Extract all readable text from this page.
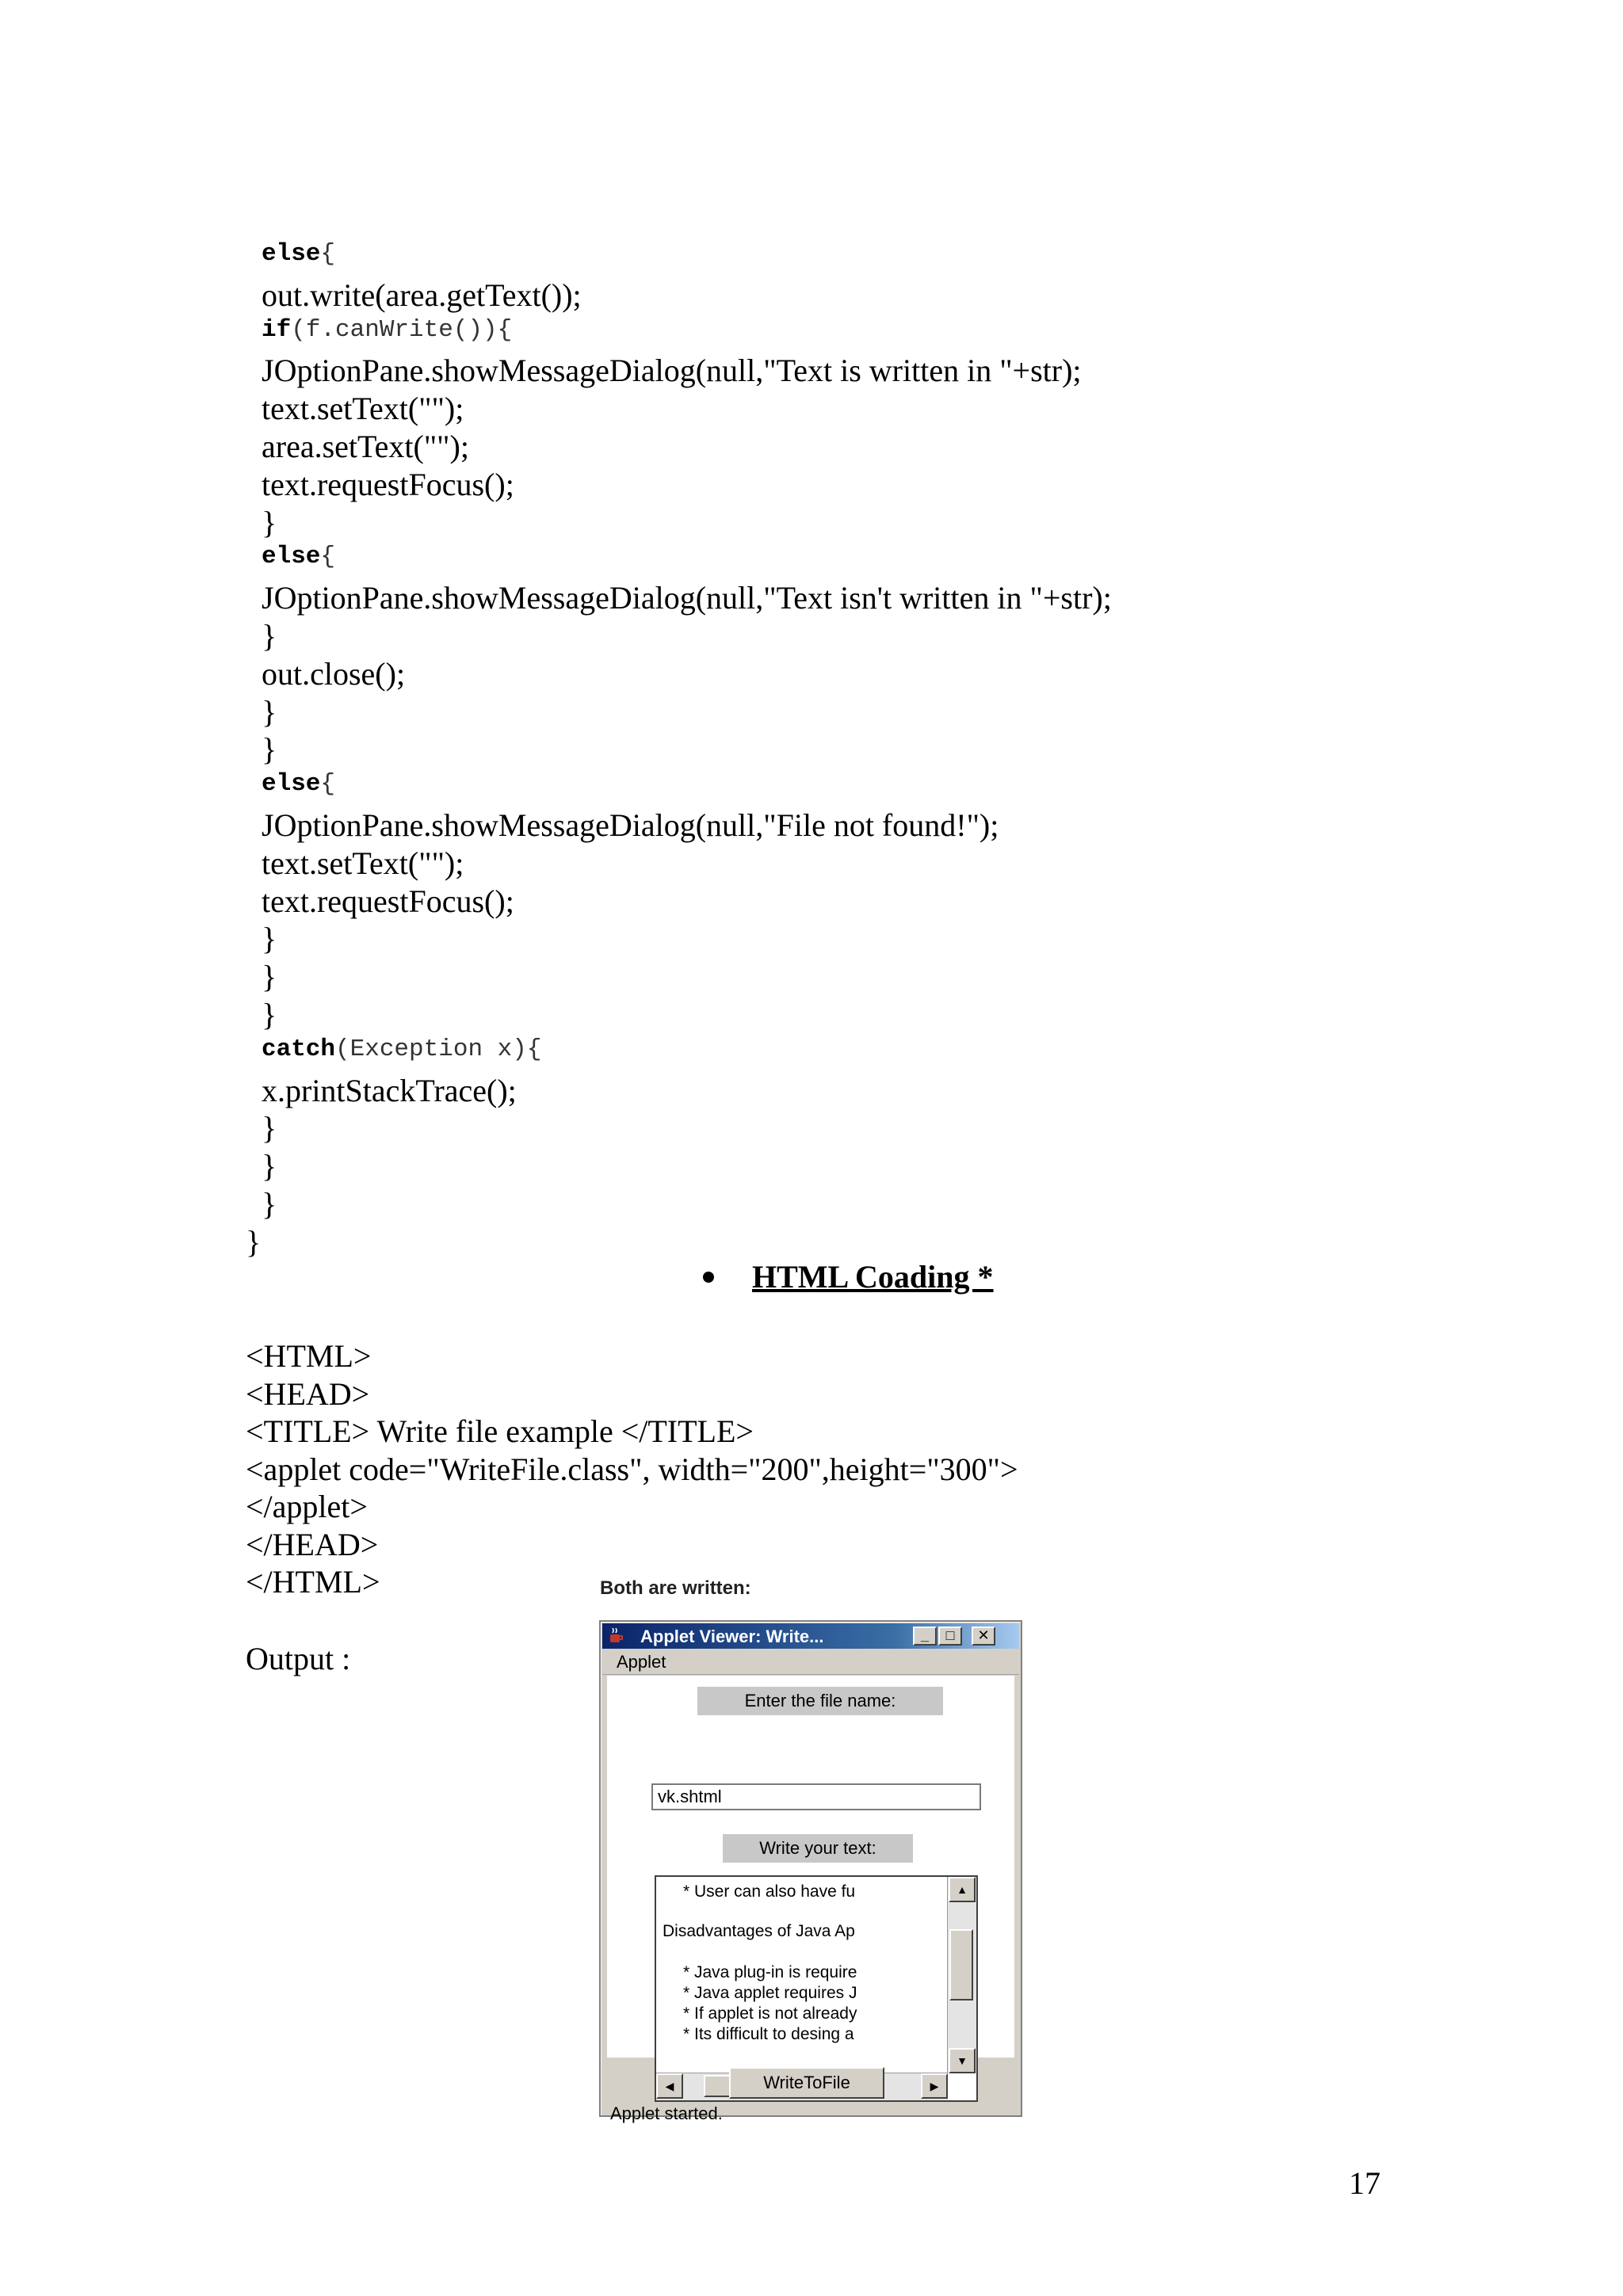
else{
out.write(area.getText());
if(f.canWrite()){
JOptionPane.showMessageDialog(null,"Text is written in "+str);
text.setText("");
area.setText("");
text.requestFocus();
}
else{
JOptionPane.showMessageDialog(null,"Text isn't written in "+str);
}
out.close();
}
}
else{
JOptionPane.showMessageDialog(null,"File not found!");
text.setText("");
text.requestFocus();
}
}
}
catch(Exception x){
x.printStackTrace();
}
}
}
}
HTML Coading *
<HTML>
<HEAD>
<TITLE> Write file example </TITLE>
<applet code="WriteFile.class", width="200",height="300">
</applet>
</HEAD>
</HTML>
Output :
Both are written:
Applet Viewer: Write...	_	□	✕
Applet
Enter the file name:
vk.shtml
Write your text:
* User can also have fu
Disadvantages of Java Ap
* Java plug-in is require
* Java applet requires J
* If applet is not already
* Its difficult to desing a
▲
▼
◀	▶
WriteToFile
Applet started.
17
